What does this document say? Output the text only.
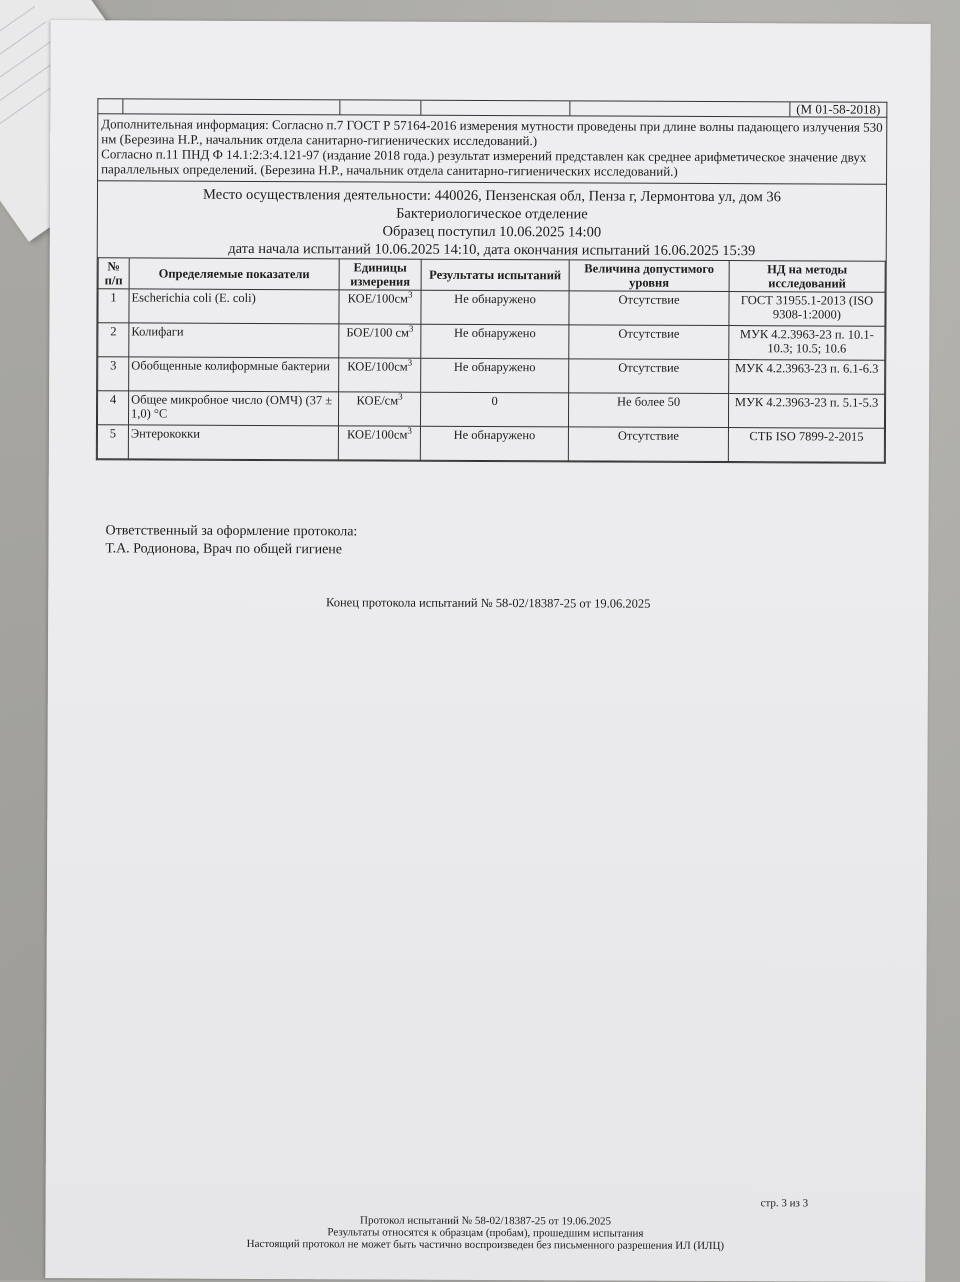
(М 01-58-2018)

Дополнительная информация: Согласно п.7 ГОСТ Р 57164-2016 измерения мутности проведены при длине волны падающего излучения 530 нм (Березина Н.Р., начальник отдела санитарно-гигиенических исследований.)

Согласно п.11 ПНД Ф 14.1:2:3:4.121-97 (издание 2018 года.) результат измерений представлен как среднее арифметическое значение двух параллельных определений. (Березина Н.Р., начальник отдела санитарно-гигиенических исследований.)

Место осуществления деятельности: 440026, Пензенская обл, Пенза г, Лермонтова ул, дом 36
Бактериологическое отделение
Образец поступил 10.06.2025 14:00
дата начала испытаний 10.06.2025 14:10, дата окончания испытаний 16.06.2025 15:39
№ п/п	Определяемые показатели	Единицы измерения	Результаты испытаний	Величина допустимого уровня	НД на методы исследований
1	Escherichia coli (E. coli)	КОЕ/$100см^3$	Не обнаружено	Отсутствие	ГОСТ 31955.1-2013 (ISO 9308-1:2000)
2	Колифаги	БОЕ/100 $см^3$	Не обнаружено	Отсутствие	МУК 4.2.3963-23 п. 10.1-10.3; 10.5; 10.6
3	Обобщенные колиформные бактерии	КОЕ/$100см^3$	Не обнаружено	Отсутствие	МУК 4.2.3963-23 п. 6.1-6.3
4	Общее микробное число (ОМЧ) (37 ± 1,0) °С	КОЕ/$см^3$	0	Не более 50	МУК 4.2.3963-23 п. 5.1-5.3
5	Энтерококки	КОЕ/$100см^3$	Не обнаружено	Отсутствие	СТБ ISO 7899-2-2015
Ответственный за оформление протокола:
Т.А. Родионова, Врач по общей гигиене
Конец протокола испытаний № 58-02/18387-25 от 19.06.2025
стр. 3 из 3
Протокол испытаний № 58-02/18387-25 от 19.06.2025
Результаты относятся к образцам (пробам), прошедшим испытания
Настоящий протокол не может быть частично воспроизведен без письменного разрешения ИЛ (ИЛЦ)
